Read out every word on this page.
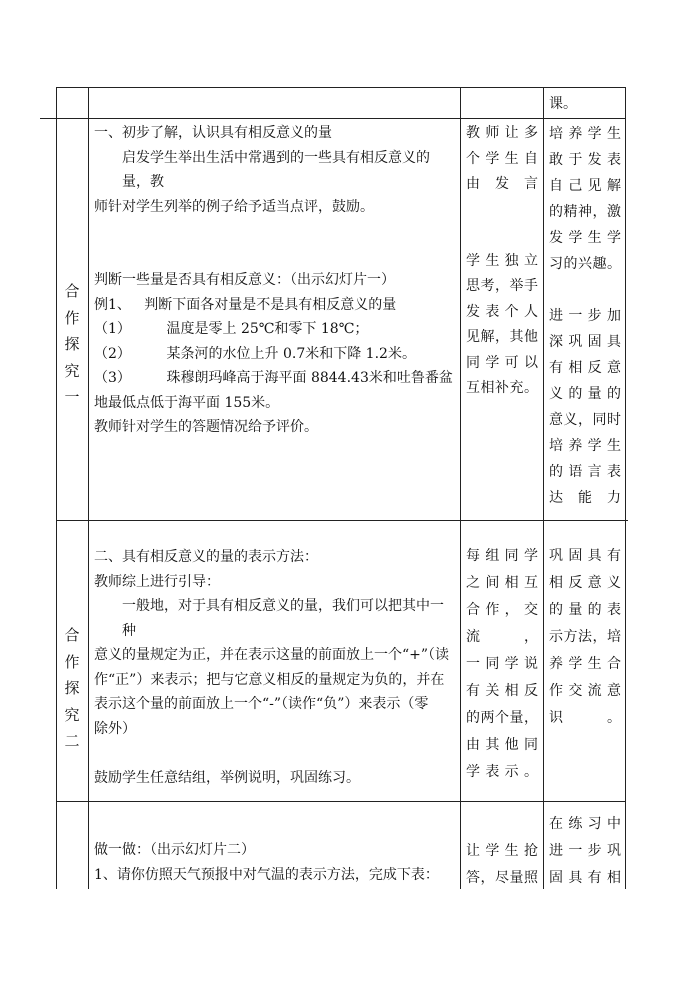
课。

合
作
探
究
一

一、初步了解，认识具有相反意义的量

启发学生举出生活中常遇到的一些具有相反意义的量，教

师针对学生列举的例子给予适当点评，鼓励。

判断一些量是否具有相反意义：（出示幻灯片一）

例1、   判断下面各对量是不是具有相反意义的量

（1）        温度是零上 25℃和零下 18℃；

（2）        某条河的水位上升 0.7米和下降 1.2米。

（3）        珠穆朗玛峰高于海平面 8844.43米和吐鲁番盆

地最低点低于海平面 155米。

教师针对学生的答题情况给予评价。

教师让多

个学生自

由发言

学生独立

思考，举手

发表个人

见解，其他

同学可以

互相补充。

培养学生

敢于发表

自己见解

的精神，激

发学生学

习的兴趣。

进一步加

深巩固具

有相反意

义的量的

意义，同时

培养学生

的语言表

达能力

合
作
探
究
二

二、具有相反意义的量的表示方法：

教师综上进行引导：

一般地，对于具有相反意义的量，我们可以把其中一种

意义的量规定为正，并在表示这量的前面放上一个“+”（读

作“正”）来表示；把与它意义相反的量规定为负的，并在

表示这个量的前面放上一个“-”（读作“负”）来表示（零

除外）

鼓励学生任意结组，举例说明，巩固练习。

每组同学

之间相互

合作，交流，

一同学说

有关相反

的两个量，

由其他同

学表示。

巩固具有

相反意义

的量的表

示方法，培

养学生合

作交流意

识。

做一做：（出示幻灯片二）

1、请你仿照天气预报中对气温的表示方法，完成下表：

让学生抢

答，尽量照

在练习中

进一步巩

固具有相
